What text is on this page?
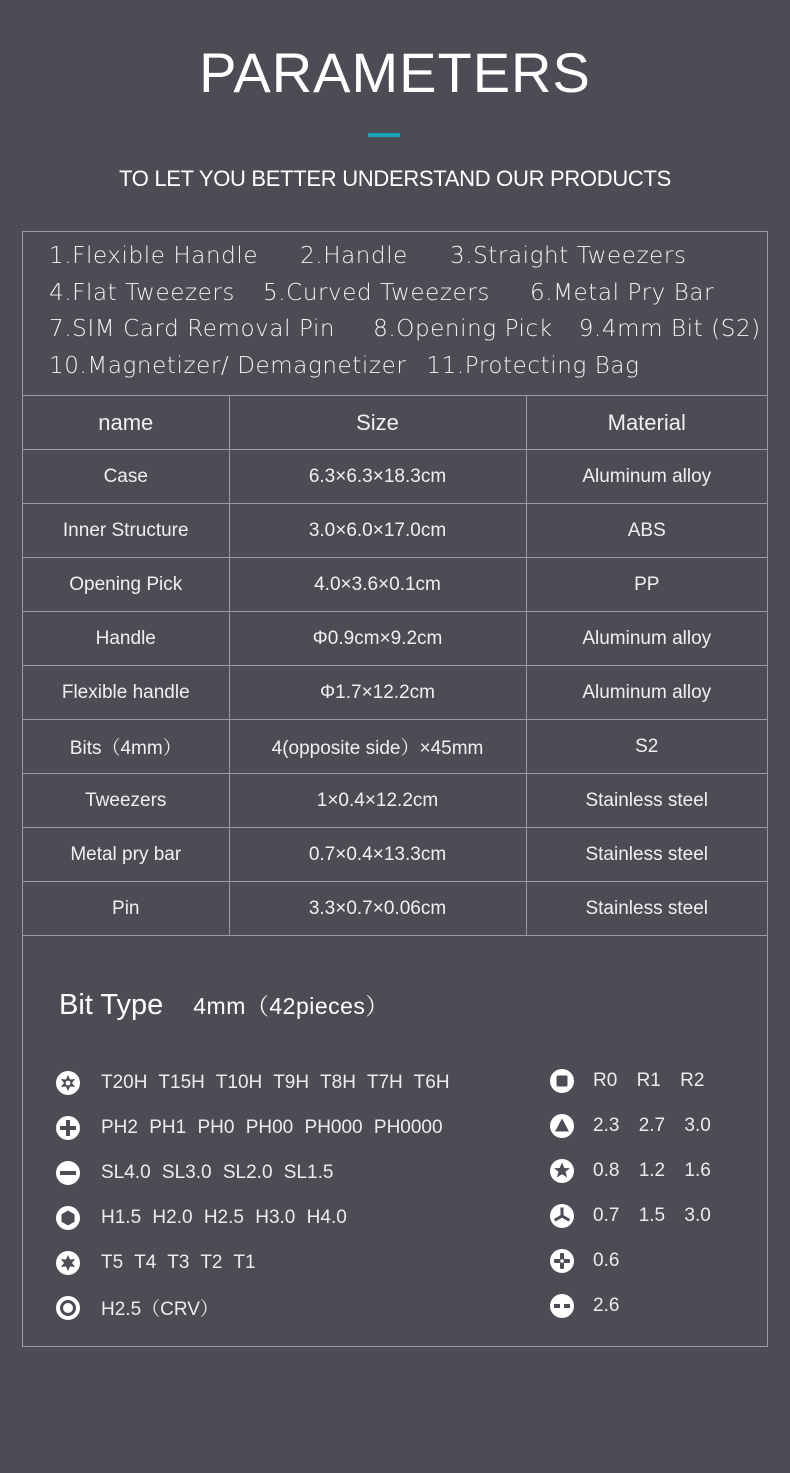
PARAMETERS
TO LET YOU BETTER UNDERSTAND OUR PRODUCTS
1.Flexible Handle 2.Handle 3.Straight Tweezers
4.Flat Tweezers 5.Curved Tweezers 6.Metal Pry Bar
7.SIM Card Removal Pin 8.Opening Pick 9.4mm Bit (S2)
10.Magnetizer/ Demagnetizer 11.Protecting Bag
name	Size	Material
Case	6.3×6.3×18.3cm	Aluminum alloy
Inner Structure	3.0×6.0×17.0cm	ABS
Opening Pick	4.0×3.6×0.1cm	PP
Handle	Φ0.9cm×9.2cm	Aluminum alloy
Flexible handle	Φ1.7×12.2cm	Aluminum alloy
Bits（4mm）	4(opposite side）×45mm	S2
Tweezers	1×0.4×12.2cm	Stainless steel
Metal pry bar	0.7×0.4×13.3cm	Stainless steel
Pin	3.3×0.7×0.06cm	Stainless steel
Bit Type 4mm（42pieces）
T20H T15H T10H T9H T8H T7H T6H
PH2 PH1 PH0 PH00 PH000 PH0000
SL4.0 SL3.0 SL2.0 SL1.5
H1.5 H2.0 H2.5 H3.0 H4.0
T5 T4 T3 T2 T1
H2.5（CRV）
R0 R1 R2
2.3 2.7 3.0
0.8 1.2 1.6
0.7 1.5 3.0
0.6
2.6
